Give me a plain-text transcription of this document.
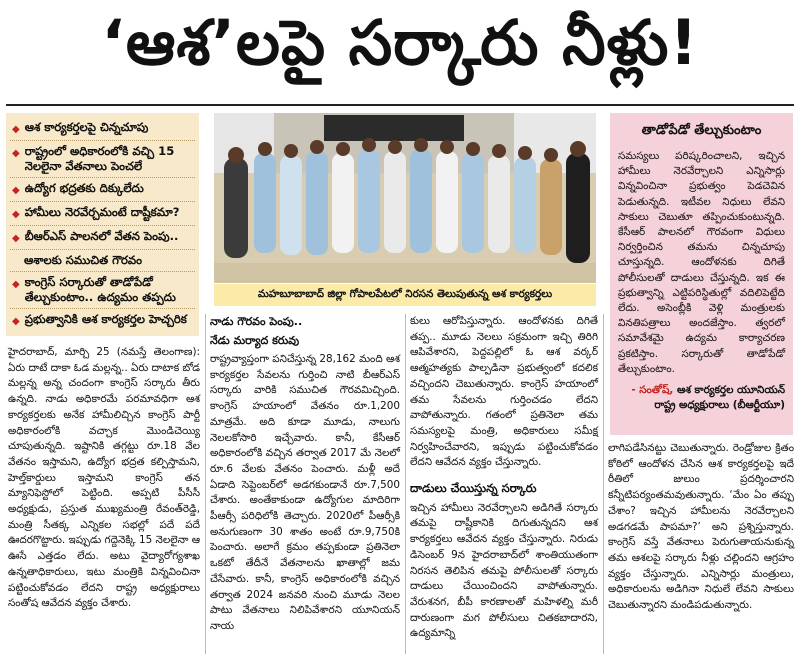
‘ఆశ’లపై సర్కారు నీళ్లు!
◆ ఆశ కార్యకర్తలపై చిన్నచూపు
◆ రాష్ట్రంలో అధికారంలోకి వచ్చి 15 నెలలైనా వేతనాలు పెంచలే
◆ ఉద్యోగ భద్రతకు దిక్కులేదు
◆ హామీలు నెరవేర్చమంటే దాష్టీకమా?
◆ బీఆర్ఎస్ పాలనలో వేతన పెంపు..
ఆశాలకు సముచిత గౌరవం
◆ కాంగ్రెస్ సర్కారుతో తాడోపేడో తేల్చుకుంటాం.. ఉద్యమం తప్పదు
◆ ప్రభుత్వానికి ఆశ కార్యకర్తల హెచ్చరిక
మహబూబాబాద్ జిల్లా గోపాలపేటలో నిరసన తెలుపుతున్న ఆశ కార్యకర్తలు
తాడోపేడో తేల్చుకుంటాం
సమస్యలు పరిష్కరించాలని, ఇచ్చిన హామీలు నెరవేర్చాలని ఎన్నిసార్లు విన్నవించినా ప్రభుత్వం పెడచెవిన పెడుతున్నది. ఇటీవల నిధులు లేవని సాకులు చెబుతూ తప్పించుకుంటున్నది. కేసీఆర్ పాలనలో గౌరవంగా విధులు నిర్వర్తించిన తమను చిన్నచూపు చూస్తున్నది. ఆందోళనకు దిగితే పోలీసులతో దాడులు చేస్తున్నది. ఇక ఈ ప్రభుత్వాన్ని ఎట్టిపరిస్థితుల్లో వదిలిపెట్టేది లేదు. అసెంబ్లీకి వెళ్లి మంత్రులకు వినతిపత్రాలు అందజేస్తాం. త్వరలో సమావేశమై ఉద్యమ కార్యాచరణ ప్రకటిస్తాం. సర్కారుతో తాడోపేడో తేల్చుకుంటాం.
- సంతోష్, ఆశ కార్యకర్తల యూనియన్ రాష్ట్ర అధ్యక్షురాలు (బీఆర్టీయూ)
హైదరాబాద్, మార్చి 25 (నమస్తే తెలంగాణ): ఏరు దాటే దాకా ఓడ మల్లన్న.. ఏరు దాటాక బోడ మల్లన్న అన్న చందంగా కాంగ్రెస్ సర్కారు తీరు ఉన్నది. నాడు అధికారమే పరమావధిగా ఆశ కార్యకర్తలకు అనేక హామీలిచ్చిన కాంగ్రెస్ పార్టీ అధికారంలోకి వచ్చాక మొండిచెయ్యి చూపుతున్నది. ఇష్టానికి తగ్గట్టు రూ.18 వేల వేతనం ఇస్తామని, ఉద్యోగ భద్రత కల్పిస్తామని, హెల్త్‌కార్డులు ఇస్తామని కాంగ్రెస్ తన మ్యానిఫెస్టోలో పెట్టింది. అప్పటి పీసీసీ అధ్యక్షుడు, ప్రస్తుత ముఖ్యమంత్రి రేవంత్‌రెడ్డి, మంత్రి సీతక్క ఎన్నికల సభల్లో పదే పదే ఊదరగొట్టారు. ఇప్పుడు గద్దెనెక్కి 15 నెలలైనా ఆ ఊసే ఎత్తడం లేదు. అటు వైద్యారోగ్యశాఖ ఉన్నతాధికారులు, ఇటు మంత్రికి విన్నవించినా పట్టించుకోవడం లేదని రాష్ట్ర అధ్యక్షురాలు సంతోష ఆవేదన వ్యక్తం చేశారు.
నాడు గౌరవం పెంపు..
నేడు మర్యాద కరువు
రాష్ట్రవ్యాప్తంగా పనిచేస్తున్న 28,162 మంది ఆశ కార్యకర్తల సేవలను గుర్తించి నాటి బీఆర్ఎస్ సర్కారు వారికి సముచిత గౌరవమిచ్చింది. కాంగ్రెస్ హయాంలో వేతనం రూ.1,200 మాత్రమే. అది కూడా మూడు, నాలుగు నెలలకోసారి ఇచ్చేవారు. కానీ, కేసీఆర్ అధికారంలోకి వచ్చిన తర్వాత 2017 మే నెలలో రూ.6 వేలకు వేతనం పెంచారు. మళ్లీ అదే ఏడాది సెప్టెంబర్‌లో అడగకుండానే రూ.7,500 చేశారు. అంతేకాకుండా ఉద్యోగుల మాదిరిగా పీఆర్సీ పరిధిలోకి తెచ్చారు. 2020లో పీఆర్సీకి అనుగుణంగా 30 శాతం అంటే రూ.9,750కి పెంచారు. అలాగే క్రమం తప్పకుండా ప్రతినెలా ఒకటో తేదీనే వేతనాలను ఖాతాల్లో జమ చేసేవారు. కానీ, కాంగ్రెస్ అధికారంలోకి వచ్చిన తర్వాత 2024 జనవరి నుంచి మూడు నెలల పాటు వేతనాలు నిలిపివేశారని యూనియన్ నాయ
కులు ఆరోపిస్తున్నారు. ఆందోళనకు దిగితే తప్ప.. మూడు నెలలు సక్రమంగా ఇచ్చి తిరిగి ఆపివేశారని, పెద్దపల్లిలో ఓ ఆశ వర్కర్ ఆత్మహత్యకు పాల్పడినా ప్రభుత్వంలో కదలిక వచ్చిందని చెబుతున్నారు. కాంగ్రెస్ హయాంలో తమ సేవలను గుర్తించడం లేదని వాపోతున్నారు. గతంలో ప్రతినెలా తమ సమస్యలపై మంత్రి, అధికారులు సమీక్ష నిర్వహించేవారని, ఇప్పుడు పట్టించుకోవడం లేదని ఆవేదన వ్యక్తం చేస్తున్నారు.
దాడులు చేయిస్తున్న సర్కారు
ఇచ్చిన హామీలు నెరవేర్చాలని అడిగితే సర్కారు తమపై దాష్టీకానికి దిగుతున్నదని ఆశ కార్యకర్తలు ఆవేదన వ్యక్తం చేస్తున్నారు. నిరుడు డిసెంబర్ 9న హైదరాబాద్‌లో శాంతియుతంగా నిరసన తెలిపిన తమపై పోలీసులతో సర్కారు దాడులు చేయించిందని వాపోతున్నారు. వేరుశనగ, బీపీ కారణాలతో మహిళల్ని మరీ దారుణంగా మగ పోలీసులు చితకబాదారని, ఉద్యమాన్ని
లాగిపడేసినట్టు చెబుతున్నారు. రెండ్రోజుల క్రితం కోఠిలో ఆందోళన చేసిన ఆశ కార్యకర్తలపై ఇదే రీతిలో జులుం ప్రదర్శించారని కన్నీటిపర్యంతమవుతున్నారు. ‘మేం ఏం తప్పు చేశాం? ఇచ్చిన హామీలను నెరవేర్చాలని అడగడమే పాపమా?’ అని ప్రశ్నిస్తున్నారు. కాంగ్రెస్ వస్తే వేతనాలు పెరుగుతాయనుకున్న తమ ఆశలపై సర్కారు నీళ్లు చల్లిందని ఆగ్రహం వ్యక్తం చేస్తున్నారు. ఎన్నిసార్లు మంత్రులు, అధికారులను అడిగినా నిధులే లేవని సాకులు చెబుతున్నారని మండిపడుతున్నారు.
